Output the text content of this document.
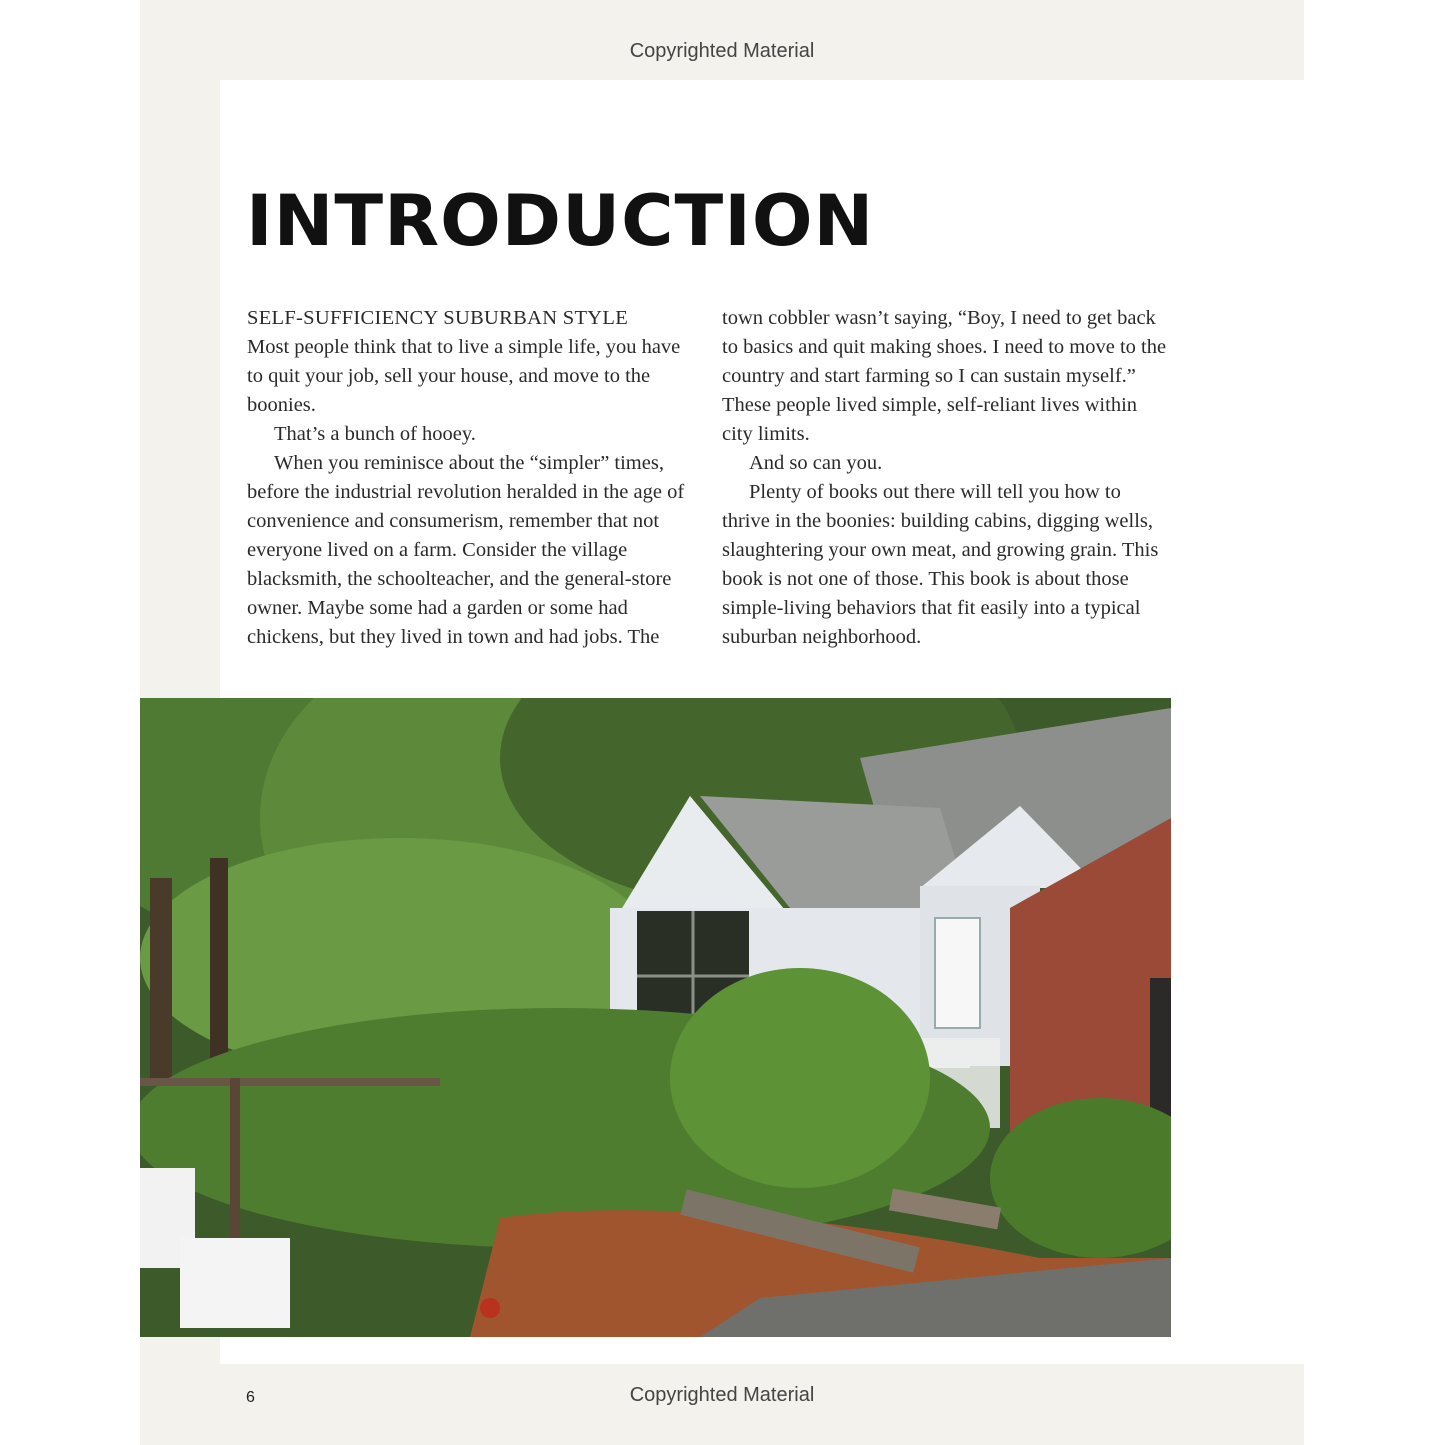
Copyrighted Material
INTRODUCTION

SELF-SUFFICIENCY SUBURBAN STYLE

Most people think that to live a simple life, you have to quit your job, sell your house, and move to the boonies.

That’s a bunch of hooey.

When you reminisce about the “simpler” times, before the industrial revolution heralded in the age of convenience and consumerism, remember that not everyone lived on a farm. Consider the village blacksmith, the schoolteacher, and the general-store owner. Maybe some had a garden or some had chickens, but they lived in town and had jobs. The

town cobbler wasn’t saying, “Boy, I need to get back to basics and quit making shoes. I need to move to the country and start farming so I can sustain myself.” These people lived simple, self-reliant lives within city limits.

And so can you.

Plenty of books out there will tell you how to thrive in the boonies: building cabins, digging wells, slaughtering your own meat, and growing grain. This book is not one of those. This book is about those simple-living behaviors that fit easily into a typical suburban neighborhood.

6	Copyrighted Material
